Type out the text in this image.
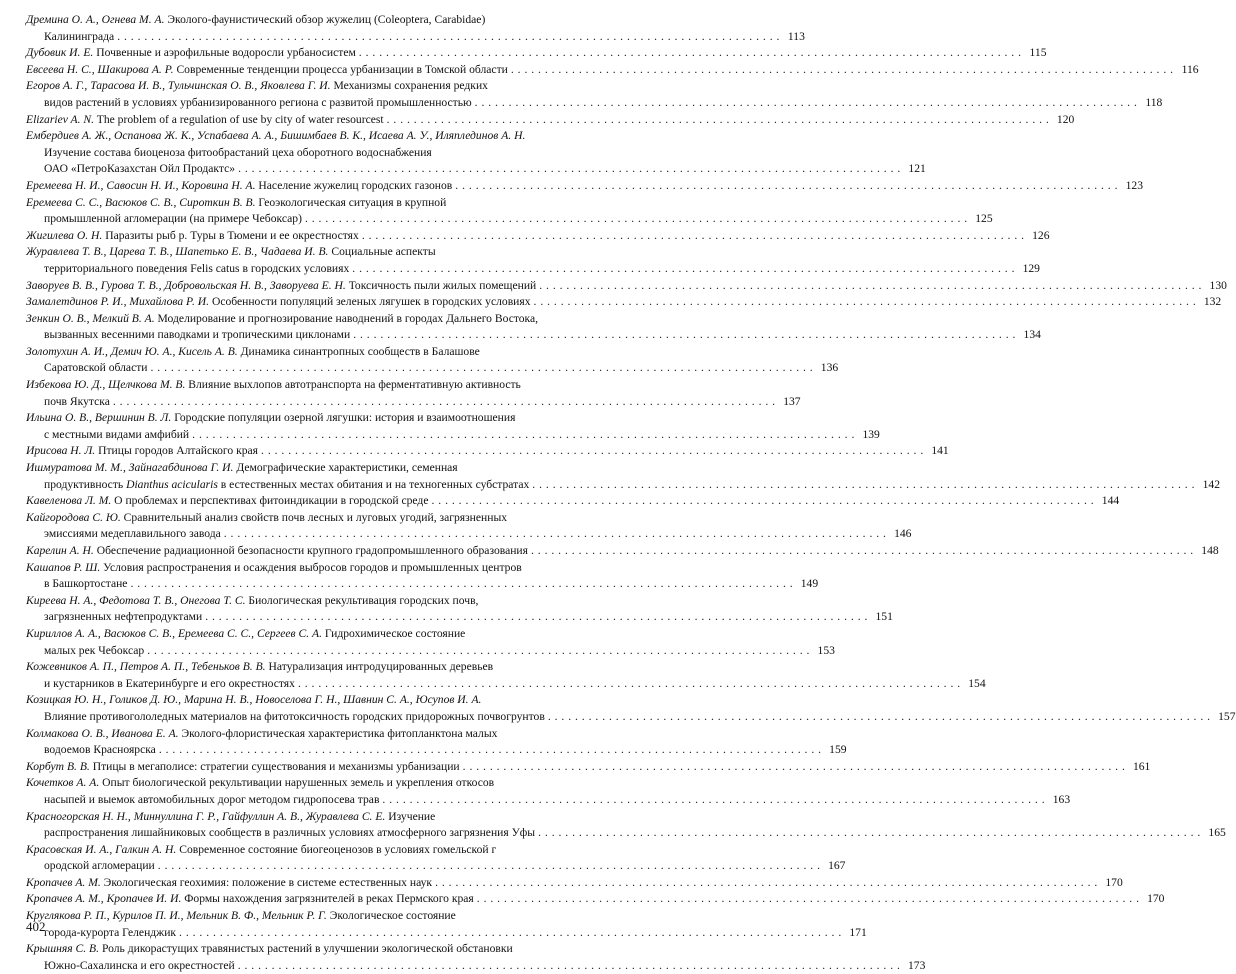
Дремина О. А., Огнева М. А. Эколого-фаунистический обзор жужелиц (Coleoptera, Carabidae)
Калининграда . . . . . . . . . . . . . . . . . . . . . . . . . . . . . . . . . . . . . . . . . . . . . . . . . . . . . . . . . . . . . . . . . . . . . . . . . . . . . . . . . . . . . . . . . . . . . . . . . . 113
Дубовик И. Е. Почвенные и аэрофильные водоросли урбаносистем . . . . . . . . . . . . . . . . . . . . . . . . . . . . . . . . . . . . . . . . . . . . . . . . . . . . . . . . . . . . . . . . . . . . . . . . . . . . . . . . . . . . . . . . . . . . . . . . . . 115
Евсеева Н. С., Шакирова А. Р. Современные тенденции процесса урбанизации в Томской области . . . . . . . . . . . . . . . . . . . . . . . . . . . . . . . . . . . . . . . . . . . . . . . . . . . . . . . . . . . . . . . . . . . . . . . . . . . . . . . . . . . . . . . . . . . . . . . . . . 116
Егоров А. Г., Тарасова И. В., Тульчинская О. В., Яковлева Г. И. Механизмы сохранения редких
видов растений в условиях урбанизированного региона с развитой промышленностью . . . . . . . . . . . . . . . . . . . . . . . . . . . . . . . . . . . . . . . . . . . . . . . . . . . . . . . . . . . . . . . . . . . . . . . . . . . . . . . . . . . . . . . . . . . . . . . . . . 118
Elizariev A. N. The problem of a regulation of use by city of water resourcest . . . . . . . . . . . . . . . . . . . . . . . . . . . . . . . . . . . . . . . . . . . . . . . . . . . . . . . . . . . . . . . . . . . . . . . . . . . . . . . . . . . . . . . . . . . . . . . . . . 120
Ембердиев А. Ж., Оспанова Ж. К., Успабаева А. А., Бишимбаев В. К., Исаева А. У., Иляплединов А. Н.
Изучение состава биоценоза фитообрастаний цеха оборотного водоснабжения
ОАО «ПетроКазахстан Ойл Продактс» . . . . . . . . . . . . . . . . . . . . . . . . . . . . . . . . . . . . . . . . . . . . . . . . . . . . . . . . . . . . . . . . . . . . . . . . . . . . . . . . . . . . . . . . . . . . . . . . . . 121
Еремеева Н. И., Савосин Н. И., Коровина Н. А. Население жужелиц городских газонов . . . . . . . . . . . . . . . . . . . . . . . . . . . . . . . . . . . . . . . . . . . . . . . . . . . . . . . . . . . . . . . . . . . . . . . . . . . . . . . . . . . . . . . . . . . . . . . . . . 123
Еремеева С. С., Васюков С. В., Сироткин В. В. Геоэкологическая ситуация в крупной
промышленной агломерации (на примере Чебоксар) . . . . . . . . . . . . . . . . . . . . . . . . . . . . . . . . . . . . . . . . . . . . . . . . . . . . . . . . . . . . . . . . . . . . . . . . . . . . . . . . . . . . . . . . . . . . . . . . . . 125
Жигилева О. Н. Паразиты рыб р. Туры в Тюмени и ее окрестностях . . . . . . . . . . . . . . . . . . . . . . . . . . . . . . . . . . . . . . . . . . . . . . . . . . . . . . . . . . . . . . . . . . . . . . . . . . . . . . . . . . . . . . . . . . . . . . . . . . 126
Журавлева Т. В., Царева Т. В., Шапетько Е. В., Чадаева И. В. Социальные аспекты
территориального поведения Felis catus в городских условиях . . . . . . . . . . . . . . . . . . . . . . . . . . . . . . . . . . . . . . . . . . . . . . . . . . . . . . . . . . . . . . . . . . . . . . . . . . . . . . . . . . . . . . . . . . . . . . . . . . 129
Заворуев В. В., Гурова Т. В., Добровольская Н. В., Заворуева Е. Н. Токсичность пыли жилых помещений . . . . . . . . . . . . . . . . . . . . . . . . . . . . . . . . . . . . . . . . . . . . . . . . . . . . . . . . . . . . . . . . . . . . . . . . . . . . . . . . . . . . . . . . . . . . . . . . . . 130
Замалетдинов Р. И., Михайлова Р. И. Особенности популяций зеленых лягушек в городских условиях . . . . . . . . . . . . . . . . . . . . . . . . . . . . . . . . . . . . . . . . . . . . . . . . . . . . . . . . . . . . . . . . . . . . . . . . . . . . . . . . . . . . . . . . . . . . . . . . . . 132
Зенкин О. В., Мелкий В. А. Моделирование и прогнозирование наводнений в городах Дальнего Востока,
вызванных весенними паводками и тропическими циклонами . . . . . . . . . . . . . . . . . . . . . . . . . . . . . . . . . . . . . . . . . . . . . . . . . . . . . . . . . . . . . . . . . . . . . . . . . . . . . . . . . . . . . . . . . . . . . . . . . . 134
Золотухин А. И., Демич Ю. А., Кисель А. В. Динамика синантропных сообществ в Балашове
Саратовской области . . . . . . . . . . . . . . . . . . . . . . . . . . . . . . . . . . . . . . . . . . . . . . . . . . . . . . . . . . . . . . . . . . . . . . . . . . . . . . . . . . . . . . . . . . . . . . . . . . 136
Избекова Ю. Д., Щелчкова М. В. Влияние выхлопов автотранспорта на ферментативную активность
почв Якутска . . . . . . . . . . . . . . . . . . . . . . . . . . . . . . . . . . . . . . . . . . . . . . . . . . . . . . . . . . . . . . . . . . . . . . . . . . . . . . . . . . . . . . . . . . . . . . . . . . 137
Ильина О. В., Вершинин В. Л. Городские популяции озерной лягушки: история и взаимоотношения
с местными видами амфибий . . . . . . . . . . . . . . . . . . . . . . . . . . . . . . . . . . . . . . . . . . . . . . . . . . . . . . . . . . . . . . . . . . . . . . . . . . . . . . . . . . . . . . . . . . . . . . . . . . 139
Ирисова Н. Л. Птицы городов Алтайского края . . . . . . . . . . . . . . . . . . . . . . . . . . . . . . . . . . . . . . . . . . . . . . . . . . . . . . . . . . . . . . . . . . . . . . . . . . . . . . . . . . . . . . . . . . . . . . . . . . 141
Ишмуратова М. М., Зайнагабдинова Г. И. Демографические характеристики, семенная
продуктивность Dianthus acicularis в естественных местах обитания и на техногенных субстратах . . . . . . . . . . . . . . . . . . . . . . . . . . . . . . . . . . . . . . . . . . . . . . . . . . . . . . . . . . . . . . . . . . . . . . . . . . . . . . . . . . . . . . . . . . . . . . . . . . 142
Кавеленова Л. М. О проблемах и перспективах фитоиндикации в городской среде . . . . . . . . . . . . . . . . . . . . . . . . . . . . . . . . . . . . . . . . . . . . . . . . . . . . . . . . . . . . . . . . . . . . . . . . . . . . . . . . . . . . . . . . . . . . . . . . . . 144
Кайгородова С. Ю. Сравнительный анализ свойств почв лесных и луговых угодий, загрязненных
эмиссиями медеплавильного завода . . . . . . . . . . . . . . . . . . . . . . . . . . . . . . . . . . . . . . . . . . . . . . . . . . . . . . . . . . . . . . . . . . . . . . . . . . . . . . . . . . . . . . . . . . . . . . . . . . 146
Карелин А. Н. Обеспечение радиационной безопасности крупного градопромышленного образования . . . . . . . . . . . . . . . . . . . . . . . . . . . . . . . . . . . . . . . . . . . . . . . . . . . . . . . . . . . . . . . . . . . . . . . . . . . . . . . . . . . . . . . . . . . . . . . . . . 148
Кашапов Р. Ш. Условия распространения и осаждения выбросов городов и промышленных центров
в Башкортостане . . . . . . . . . . . . . . . . . . . . . . . . . . . . . . . . . . . . . . . . . . . . . . . . . . . . . . . . . . . . . . . . . . . . . . . . . . . . . . . . . . . . . . . . . . . . . . . . . . 149
Киреева Н. А., Федотова Т. В., Онегова Т. С. Биологическая рекультивация городских почв,
загрязненных нефтепродуктами . . . . . . . . . . . . . . . . . . . . . . . . . . . . . . . . . . . . . . . . . . . . . . . . . . . . . . . . . . . . . . . . . . . . . . . . . . . . . . . . . . . . . . . . . . . . . . . . . . 151
Кириллов А. А., Васюков С. В., Еремеева С. С., Сергеев С. А. Гидрохимическое состояние
малых рек Чебоксар . . . . . . . . . . . . . . . . . . . . . . . . . . . . . . . . . . . . . . . . . . . . . . . . . . . . . . . . . . . . . . . . . . . . . . . . . . . . . . . . . . . . . . . . . . . . . . . . . . 153
Кожевников А. П., Петров А. П., Тебеньков В. В. Натурализация интродуцированных деревьев
и кустарников в Екатеринбурге и его окрестностях . . . . . . . . . . . . . . . . . . . . . . . . . . . . . . . . . . . . . . . . . . . . . . . . . . . . . . . . . . . . . . . . . . . . . . . . . . . . . . . . . . . . . . . . . . . . . . . . . . 154
Козицкая Ю. Н., Голиков Д. Ю., Марина Н. В., Новоселова Г. Н., Шавнин С. А., Юсупов И. А.
Влияние противогололедных материалов на фитотоксичность городских придорожных почвогрунтов . . . . . . . . . . . . . . . . . . . . . . . . . . . . . . . . . . . . . . . . . . . . . . . . . . . . . . . . . . . . . . . . . . . . . . . . . . . . . . . . . . . . . . . . . . . . . . . . . . 157
Колмакова О. В., Иванова Е. А. Эколого-флористическая характеристика фитопланктона малых
водоемов Красноярска . . . . . . . . . . . . . . . . . . . . . . . . . . . . . . . . . . . . . . . . . . . . . . . . . . . . . . . . . . . . . . . . . . . . . . . . . . . . . . . . . . . . . . . . . . . . . . . . . . 159
Корбут В. В. Птицы в мегаполисе: стратегии существования и механизмы урбанизации . . . . . . . . . . . . . . . . . . . . . . . . . . . . . . . . . . . . . . . . . . . . . . . . . . . . . . . . . . . . . . . . . . . . . . . . . . . . . . . . . . . . . . . . . . . . . . . . . . 161
Кочетков А. А. Опыт биологической рекультивации нарушенных земель и укрепления откосов
насыпей и выемок автомобильных дорог методом гидропосева трав . . . . . . . . . . . . . . . . . . . . . . . . . . . . . . . . . . . . . . . . . . . . . . . . . . . . . . . . . . . . . . . . . . . . . . . . . . . . . . . . . . . . . . . . . . . . . . . . . . 163
Красногорская Н. Н., Миннуллина Г. Р., Гайфуллин А. В., Журавлева С. Е. Изучение
распространения лишайниковых сообществ в различных условиях атмосферного загрязнения Уфы . . . . . . . . . . . . . . . . . . . . . . . . . . . . . . . . . . . . . . . . . . . . . . . . . . . . . . . . . . . . . . . . . . . . . . . . . . . . . . . . . . . . . . . . . . . . . . . . . . 165
Красовская И. А., Галкин А. Н. Современное состояние биогеоценозов в условиях гомельской г
ородской агломерации . . . . . . . . . . . . . . . . . . . . . . . . . . . . . . . . . . . . . . . . . . . . . . . . . . . . . . . . . . . . . . . . . . . . . . . . . . . . . . . . . . . . . . . . . . . . . . . . . . 167
Кропачев А. М. Экологическая геохимия: положение в системе естественных наук . . . . . . . . . . . . . . . . . . . . . . . . . . . . . . . . . . . . . . . . . . . . . . . . . . . . . . . . . . . . . . . . . . . . . . . . . . . . . . . . . . . . . . . . . . . . . . . . . . 170
Кропачев А. М., Кропачев И. И. Формы нахождения загрязнителей в реках Пермского края . . . . . . . . . . . . . . . . . . . . . . . . . . . . . . . . . . . . . . . . . . . . . . . . . . . . . . . . . . . . . . . . . . . . . . . . . . . . . . . . . . . . . . . . . . . . . . . . . . 170
Круглякова Р. П., Курилов П. И., Мельник В. Ф., Мельник Р. Г. Экологическое состояние
города-курорта Геленджик . . . . . . . . . . . . . . . . . . . . . . . . . . . . . . . . . . . . . . . . . . . . . . . . . . . . . . . . . . . . . . . . . . . . . . . . . . . . . . . . . . . . . . . . . . . . . . . . . . 171
Крышняя С. В. Роль дикорастущих травянистых растений в улучшении экологической обстановки
Южно-Сахалинска и его окрестностей . . . . . . . . . . . . . . . . . . . . . . . . . . . . . . . . . . . . . . . . . . . . . . . . . . . . . . . . . . . . . . . . . . . . . . . . . . . . . . . . . . . . . . . . . . . . . . . . . . 173
402
